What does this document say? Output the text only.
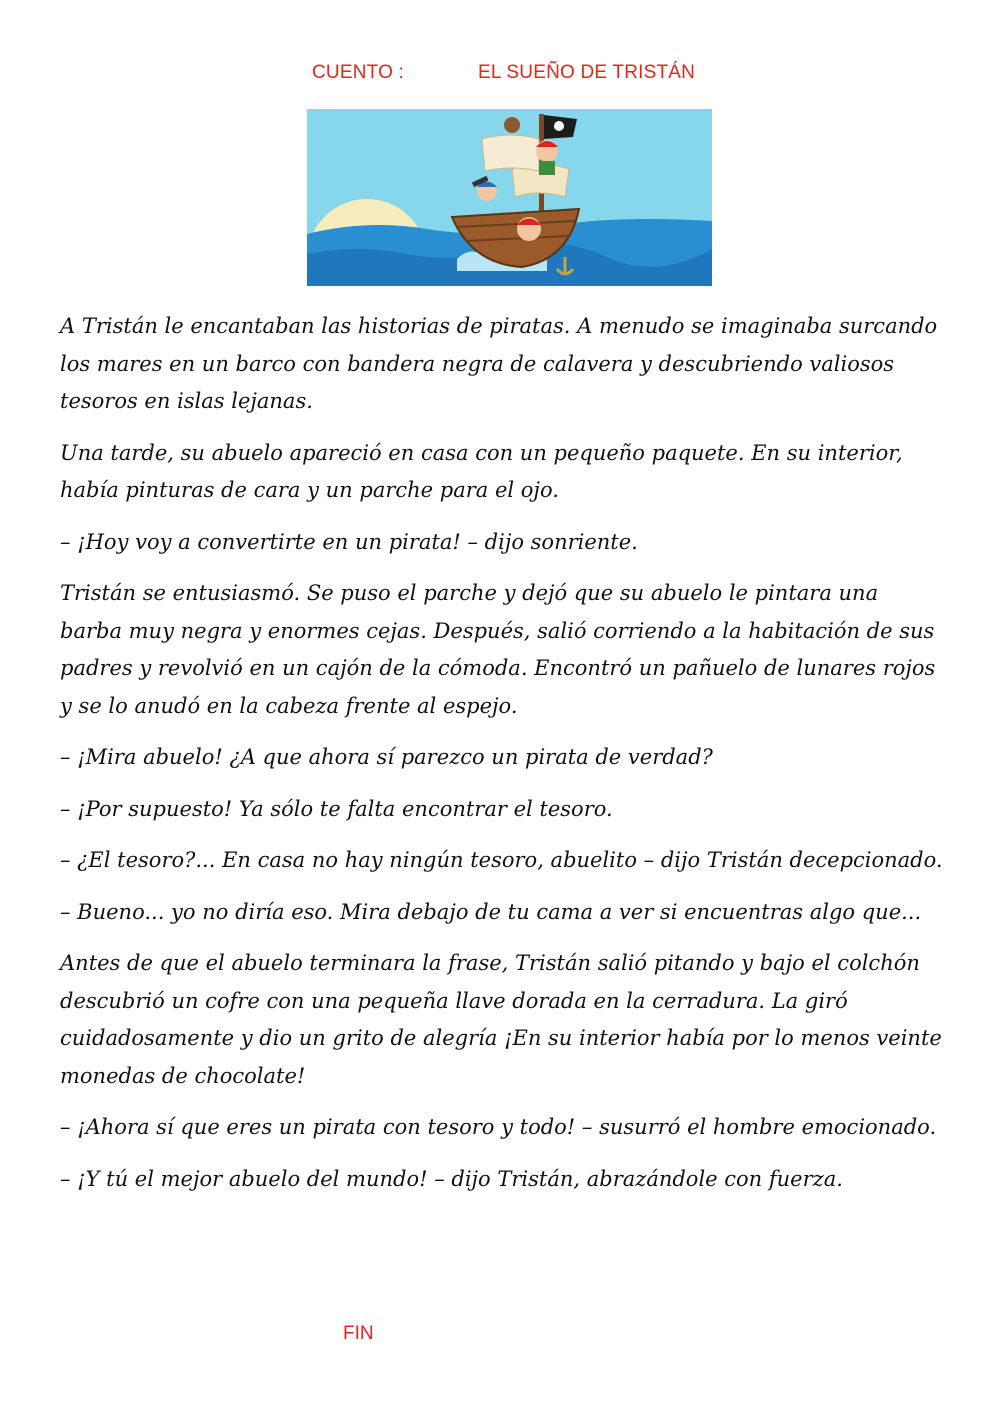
CUENTO :	EL SUEÑO DE TRISTÁN

A Tristán le encantaban las historias de piratas. A menudo se imaginaba surcando los mares en un barco con bandera negra de calavera y descubriendo valiosos tesoros en islas lejanas.

Una tarde, su abuelo apareció en casa con un pequeño paquete. En su interior, había pinturas de cara y un parche para el ojo.

– ¡Hoy voy a convertirte en un pirata! – dijo sonriente.

Tristán se entusiasmó. Se puso el parche y dejó que su abuelo le pintara una barba muy negra y enormes cejas. Después, salió corriendo a la habitación de sus padres y revolvió en un cajón de la cómoda. Encontró un pañuelo de lunares rojos y se lo anudó en la cabeza frente al espejo.

– ¡Mira abuelo! ¿A que ahora sí parezco un pirata de verdad?

– ¡Por supuesto! Ya sólo te falta encontrar el tesoro.

– ¿El tesoro?... En casa no hay ningún tesoro, abuelito – dijo Tristán decepcionado.

– Bueno... yo no diría eso. Mira debajo de tu cama a ver si encuentras algo que...

Antes de que el abuelo terminara la frase, Tristán salió pitando y bajo el colchón descubrió un cofre con una pequeña llave dorada en la cerradura. La giró cuidadosamente y dio un grito de alegría ¡En su interior había por lo menos veinte monedas de chocolate!

– ¡Ahora sí que eres un pirata con tesoro y todo! – susurró el hombre emocionado.

– ¡Y tú el mejor abuelo del mundo! – dijo Tristán, abrazándole con fuerza.

FIN
